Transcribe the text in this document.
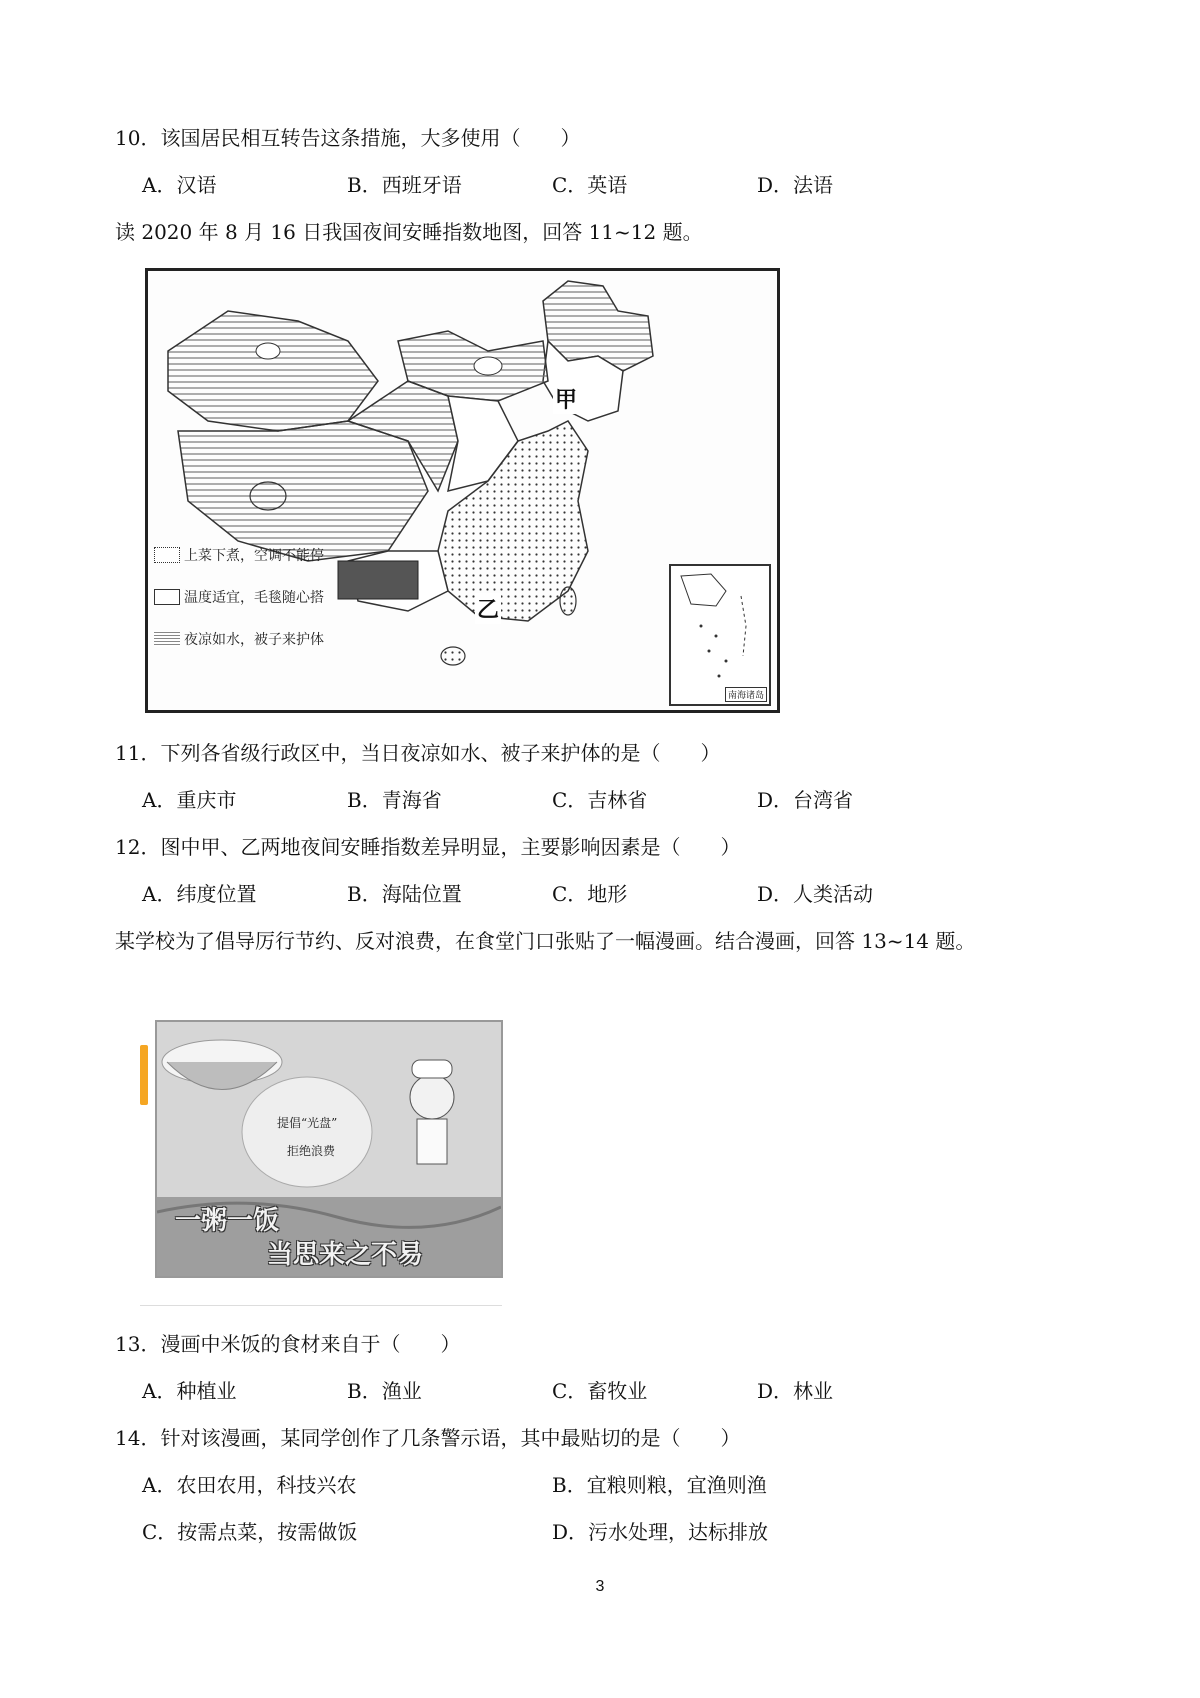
10．该国居民相互转告这条措施，大多使用（　　）
A．汉语	B．西班牙语	C．英语	D．法语
读 2020 年 8 月 16 日我国夜间安睡指数地图，回答 11~12 题。
甲
乙
上菜下煮，空调不能停
温度适宜，毛毯随心搭
夜凉如水，被子来护体
南海诸岛
11．下列各省级行政区中，当日夜凉如水、被子来护体的是（　　）
A．重庆市	B．青海省	C．吉林省	D．台湾省
12．图中甲、乙两地夜间安睡指数差异明显，主要影响因素是（　　）
A．纬度位置	B．海陆位置	C．地形	D．人类活动
某学校为了倡导厉行节约、反对浪费，在食堂门口张贴了一幅漫画。结合漫画，回答 13~14 题。
提倡“光盘”
拒绝浪费
一粥一饭
当思来之不易
13．漫画中米饭的食材来自于（　　）
A．种植业	B．渔业	C．畜牧业	D．林业
14．针对该漫画，某同学创作了几条警示语，其中最贴切的是（　　）
A．农田农用，科技兴农	B．宜粮则粮，宜渔则渔
C．按需点菜，按需做饭	D．污水处理，达标排放
3
